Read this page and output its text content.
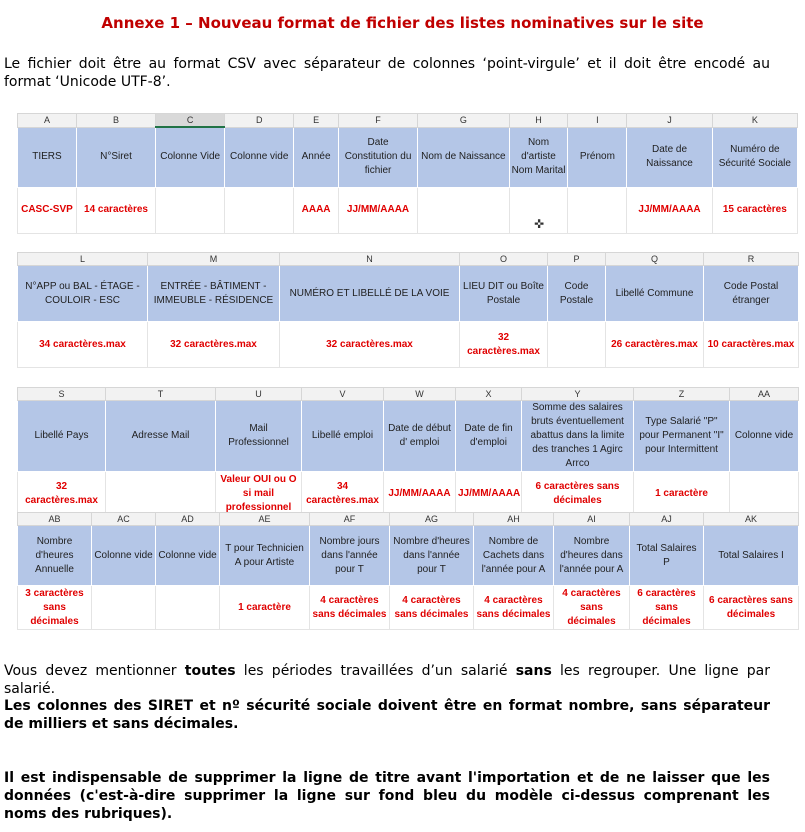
Annexe 1 – Nouveau format de fichier des listes nominatives sur le site
Le fichier doit être au format CSV avec séparateur de colonnes ‘point-virgule’ et il doit être encodé au format ‘Unicode UTF-8’.
A	B	C	D	E	F	G	H	I	J	K
TIERS	N°Siret	Colonne Vide	Colonne vide	Année	Date Constitution du fichier	Nom de Naissance	Nom d'artiste Nom Marital	Prénom	Date de Naissance	Numéro de Sécurité Sociale
CASC-SVP	14 caractères			AAAA	JJ/MM/AAAA				JJ/MM/AAAA	15 caractères
✜
L	M	N	O	P	Q	R
N°APP ou BAL - ÉTAGE - COULOIR - ESC	ENTRÉE - BÂTIMENT - IMMEUBLE - RÉSIDENCE	NUMÉRO ET LIBELLÉ DE LA VOIE	LIEU DIT ou Boîte Postale	Code Postale	Libellé Commune	Code Postal étranger
34 caractères.max	32 caractères.max	32 caractères.max	32 caractères.max		26 caractères.max	10 caractères.max
S	T	U	V	W	X	Y	Z	AA
Libellé Pays	Adresse Mail	Mail Professionnel	Libellé emploi	Date de début d' emploi	Date de fin d'emploi	Somme des salaires bruts éventuellement abattus dans la limite des tranches 1 Agirc Arrco	Type Salarié "P" pour Permanent "I" pour Intermittent	Colonne vide
32 caractères.max		Valeur OUI ou O si mail professionnel	34 caractères.max	JJ/MM/AAAA	JJ/MM/AAAA	6 caractères sans décimales	1 caractère	
AB	AC	AD	AE	AF	AG	AH	AI	AJ	AK
Nombre d'heures Annuelle	Colonne vide	Colonne vide	T pour Technicien A pour Artiste	Nombre jours dans l'année pour T	Nombre d'heures dans l'année pour T	Nombre de Cachets dans l'année pour A	Nombre d'heures dans l'année pour A	Total Salaires P	Total Salaires I
3 caractères sans décimales			1 caractère	4 caractères sans décimales	4 caractères sans décimales	4 caractères sans décimales	4 caractères sans décimales	6 caractères sans décimales	6 caractères sans décimales
Vous devez mentionner toutes les périodes travaillées d’un salarié sans les regrouper. Une ligne par salarié.
Les colonnes des SIRET et nº sécurité sociale doivent être en format nombre, sans séparateur de milliers et sans décimales.
Il est indispensable de supprimer la ligne de titre avant l'importation et de ne laisser que les données (c'est-à-dire supprimer la ligne sur fond bleu du modèle ci-dessus comprenant les noms des rubriques).
